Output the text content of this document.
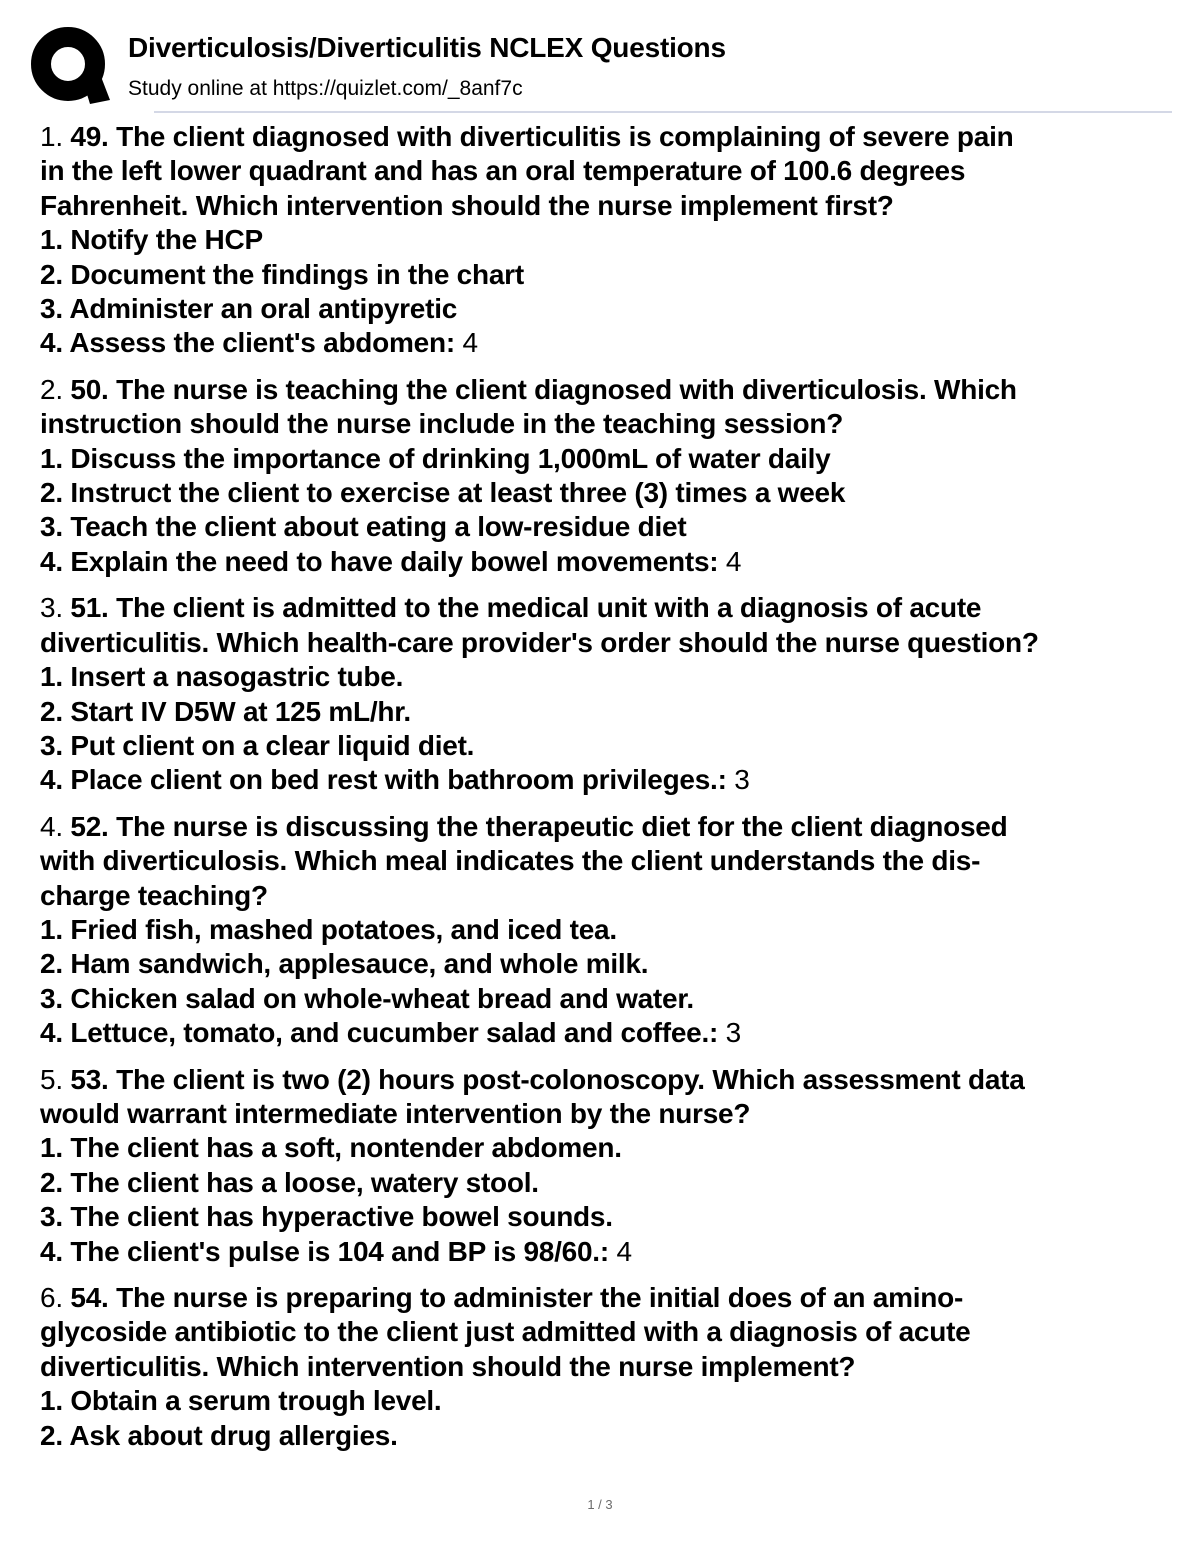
Diverticulosis/Diverticulitis NCLEX Questions
Study online at https://quizlet.com/_8anf7c
1. 49. The client diagnosed with diverticulitis is complaining of severe pain
in the left lower quadrant and has an oral temperature of 100.6 degrees
Fahrenheit. Which intervention should the nurse implement first?
1. Notify the HCP
2. Document the findings in the chart
3. Administer an oral antipyretic
4. Assess the client's abdomen: 4
2. 50. The nurse is teaching the client diagnosed with diverticulosis. Which
instruction should the nurse include in the teaching session?
1. Discuss the importance of drinking 1,000mL of water daily
2. Instruct the client to exercise at least three (3) times a week
3. Teach the client about eating a low-residue diet
4. Explain the need to have daily bowel movements: 4
3. 51. The client is admitted to the medical unit with a diagnosis of acute
diverticulitis. Which health-care provider's order should the nurse question?
1. Insert a nasogastric tube.
2. Start IV D5W at 125 mL/hr.
3. Put client on a clear liquid diet.
4. Place client on bed rest with bathroom privileges.: 3
4. 52. The nurse is discussing the therapeutic diet for the client diagnosed
with diverticulosis. Which meal indicates the client understands the dis-
charge teaching?
1. Fried fish, mashed potatoes, and iced tea.
2. Ham sandwich, applesauce, and whole milk.
3. Chicken salad on whole-wheat bread and water.
4. Lettuce, tomato, and cucumber salad and coffee.: 3
5. 53. The client is two (2) hours post-colonoscopy. Which assessment data
would warrant intermediate intervention by the nurse?
1. The client has a soft, nontender abdomen.
2. The client has a loose, watery stool.
3. The client has hyperactive bowel sounds.
4. The client's pulse is 104 and BP is 98/60.: 4
6. 54. The nurse is preparing to administer the initial does of an amino-
glycoside antibiotic to the client just admitted with a diagnosis of acute
diverticulitis. Which intervention should the nurse implement?
1. Obtain a serum trough level.
2. Ask about drug allergies.
1 / 3
